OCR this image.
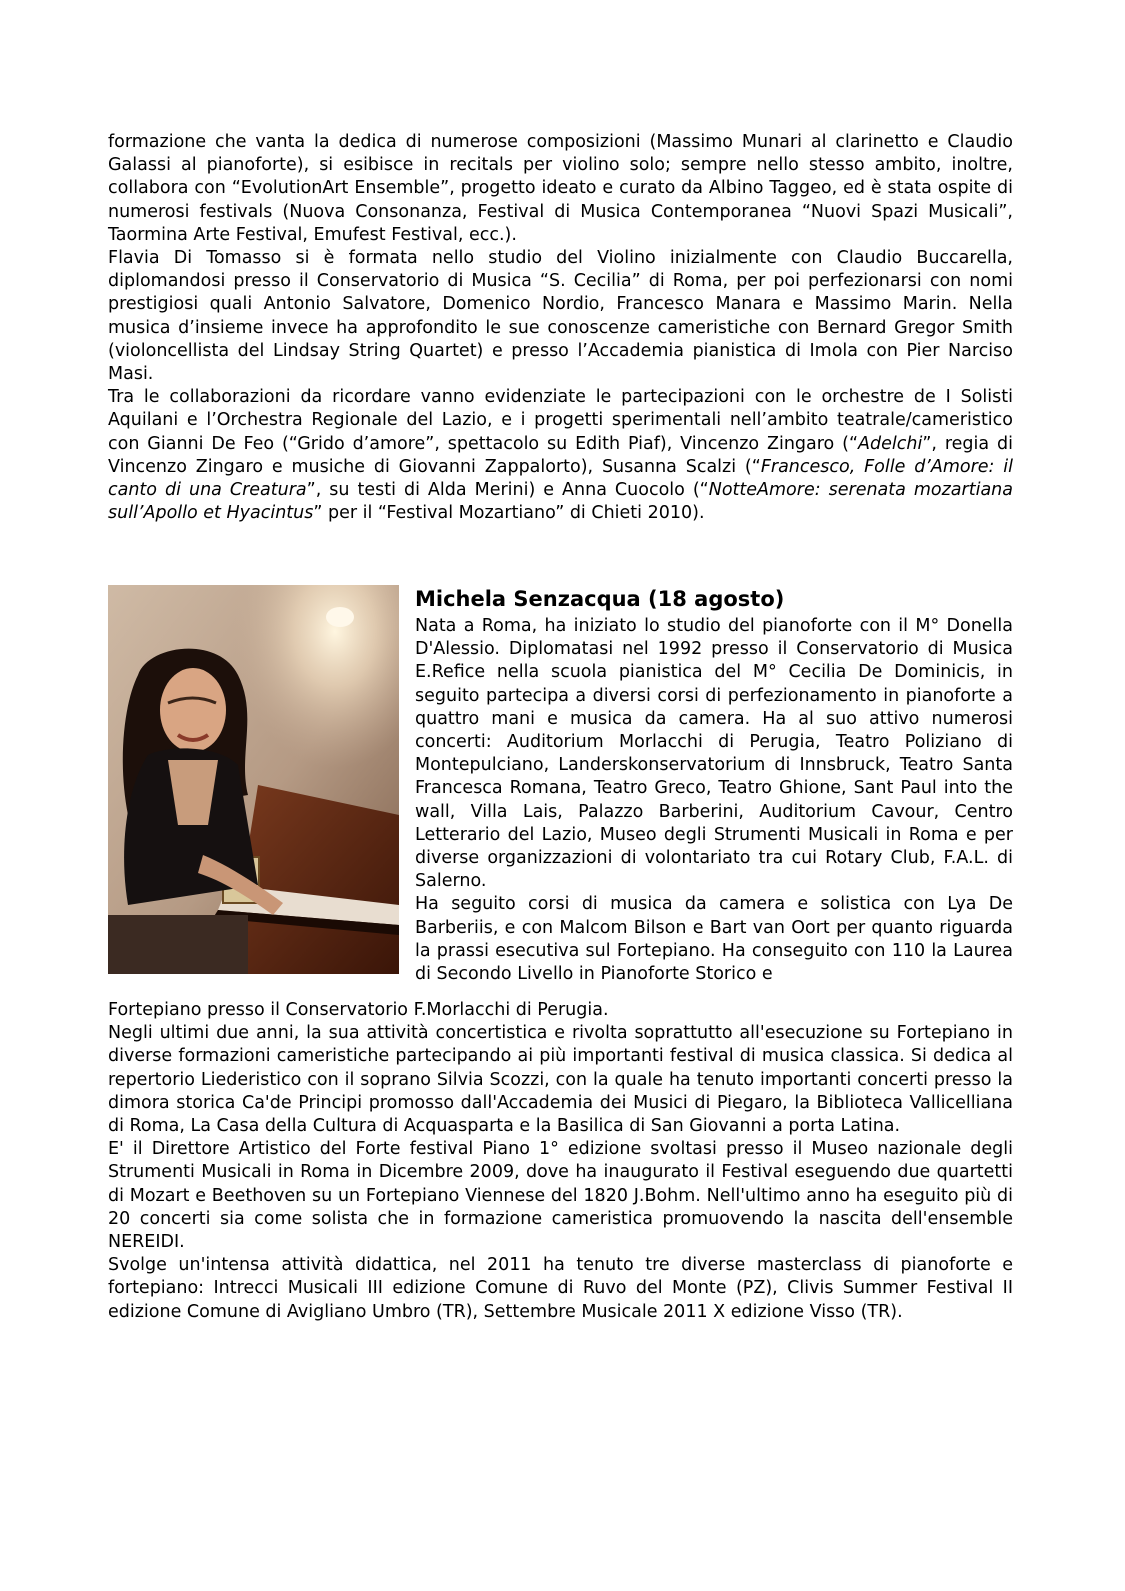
formazione che vanta la dedica di numerose composizioni (Massimo Munari al clarinetto e Claudio Galassi al pianoforte), si esibisce in recitals per violino solo; sempre nello stesso ambito, inoltre, collabora con “EvolutionArt Ensemble”, progetto ideato e curato da Albino Taggeo, ed è stata ospite di numerosi festivals (Nuova Consonanza, Festival di Musica Contemporanea “Nuovi Spazi Musicali”, Taormina Arte Festival, Emufest Festival, ecc.).

Flavia Di Tomasso si è formata nello studio del Violino inizialmente con Claudio Buccarella, diplomandosi presso il Conservatorio di Musica “S. Cecilia” di Roma, per poi perfezionarsi con nomi prestigiosi quali Antonio Salvatore, Domenico Nordio, Francesco Manara e Massimo Marin. Nella musica d’insieme invece ha approfondito le sue conoscenze cameristiche con Bernard Gregor Smith (violoncellista del Lindsay String Quartet) e presso l’Accademia pianistica di Imola con Pier Narciso Masi.

Tra le collaborazioni da ricordare vanno evidenziate le partecipazioni con le orchestre de I Solisti Aquilani e l’Orchestra Regionale del Lazio, e i progetti sperimentali nell’ambito teatrale/cameristico con Gianni De Feo (“Grido d’amore”, spettacolo su Edith Piaf), Vincenzo Zingaro (“Adelchi”, regia di Vincenzo Zingaro e musiche di Giovanni Zappalorto), Susanna Scalzi (“Francesco, Folle d’Amore: il canto di una Creatura”, su testi di Alda Merini) e Anna Cuocolo (“NotteAmore: serenata mozartiana sull’Apollo et Hyacintus” per il “Festival Mozartiano” di Chieti 2010).

Michela Senzacqua (18 agosto)

Nata a Roma, ha iniziato lo studio del pianoforte con il M° Donella D'Alessio. Diplomatasi nel 1992 presso il Conservatorio di Musica E.Refice nella scuola pianistica del M° Cecilia De Dominicis, in seguito partecipa a diversi corsi di perfezionamento in pianoforte a quattro mani e musica da camera. Ha al suo attivo numerosi concerti: Auditorium Morlacchi di Perugia, Teatro Poliziano di Montepulciano, Landerskonservatorium di Innsbruck, Teatro Santa Francesca Romana, Teatro Greco, Teatro Ghione, Sant Paul into the wall, Villa Lais, Palazzo Barberini, Auditorium Cavour, Centro Letterario del Lazio, Museo degli Strumenti Musicali in Roma e per diverse organizzazioni di volontariato tra cui Rotary Club, F.A.L. di Salerno.

Ha seguito corsi di musica da camera e solistica con Lya De Barberiis, e con Malcom Bilson e Bart van Oort per quanto riguarda la prassi esecutiva sul Fortepiano. Ha conseguito con 110 la Laurea di Secondo Livello in Pianoforte Storico e

Fortepiano presso il Conservatorio F.Morlacchi di Perugia.

Negli ultimi due anni, la sua attività concertistica e rivolta soprattutto all'esecuzione su Fortepiano in diverse formazioni cameristiche partecipando ai più importanti festival di musica classica. Si dedica al repertorio Liederistico con il soprano Silvia Scozzi, con la quale ha tenuto importanti concerti presso la dimora storica Ca'de Principi promosso dall'Accademia dei Musici di Piegaro, la Biblioteca Vallicelliana di Roma, La Casa della Cultura di Acquasparta e la Basilica di San Giovanni a porta Latina.

E' il Direttore Artistico del Forte festival Piano 1° edizione svoltasi presso il Museo nazionale degli Strumenti Musicali in Roma in Dicembre 2009, dove ha inaugurato il Festival eseguendo due quartetti di Mozart e Beethoven su un Fortepiano Viennese del 1820 J.Bohm. Nell'ultimo anno ha eseguito più di 20 concerti sia come solista che in formazione cameristica promuovendo la nascita dell'ensemble NEREIDI.

Svolge un'intensa attività didattica, nel 2011 ha tenuto tre diverse masterclass di pianoforte e fortepiano: Intrecci Musicali III edizione Comune di Ruvo del Monte (PZ), Clivis Summer Festival II edizione Comune di Avigliano Umbro (TR), Settembre Musicale 2011 X edizione Visso (TR).
